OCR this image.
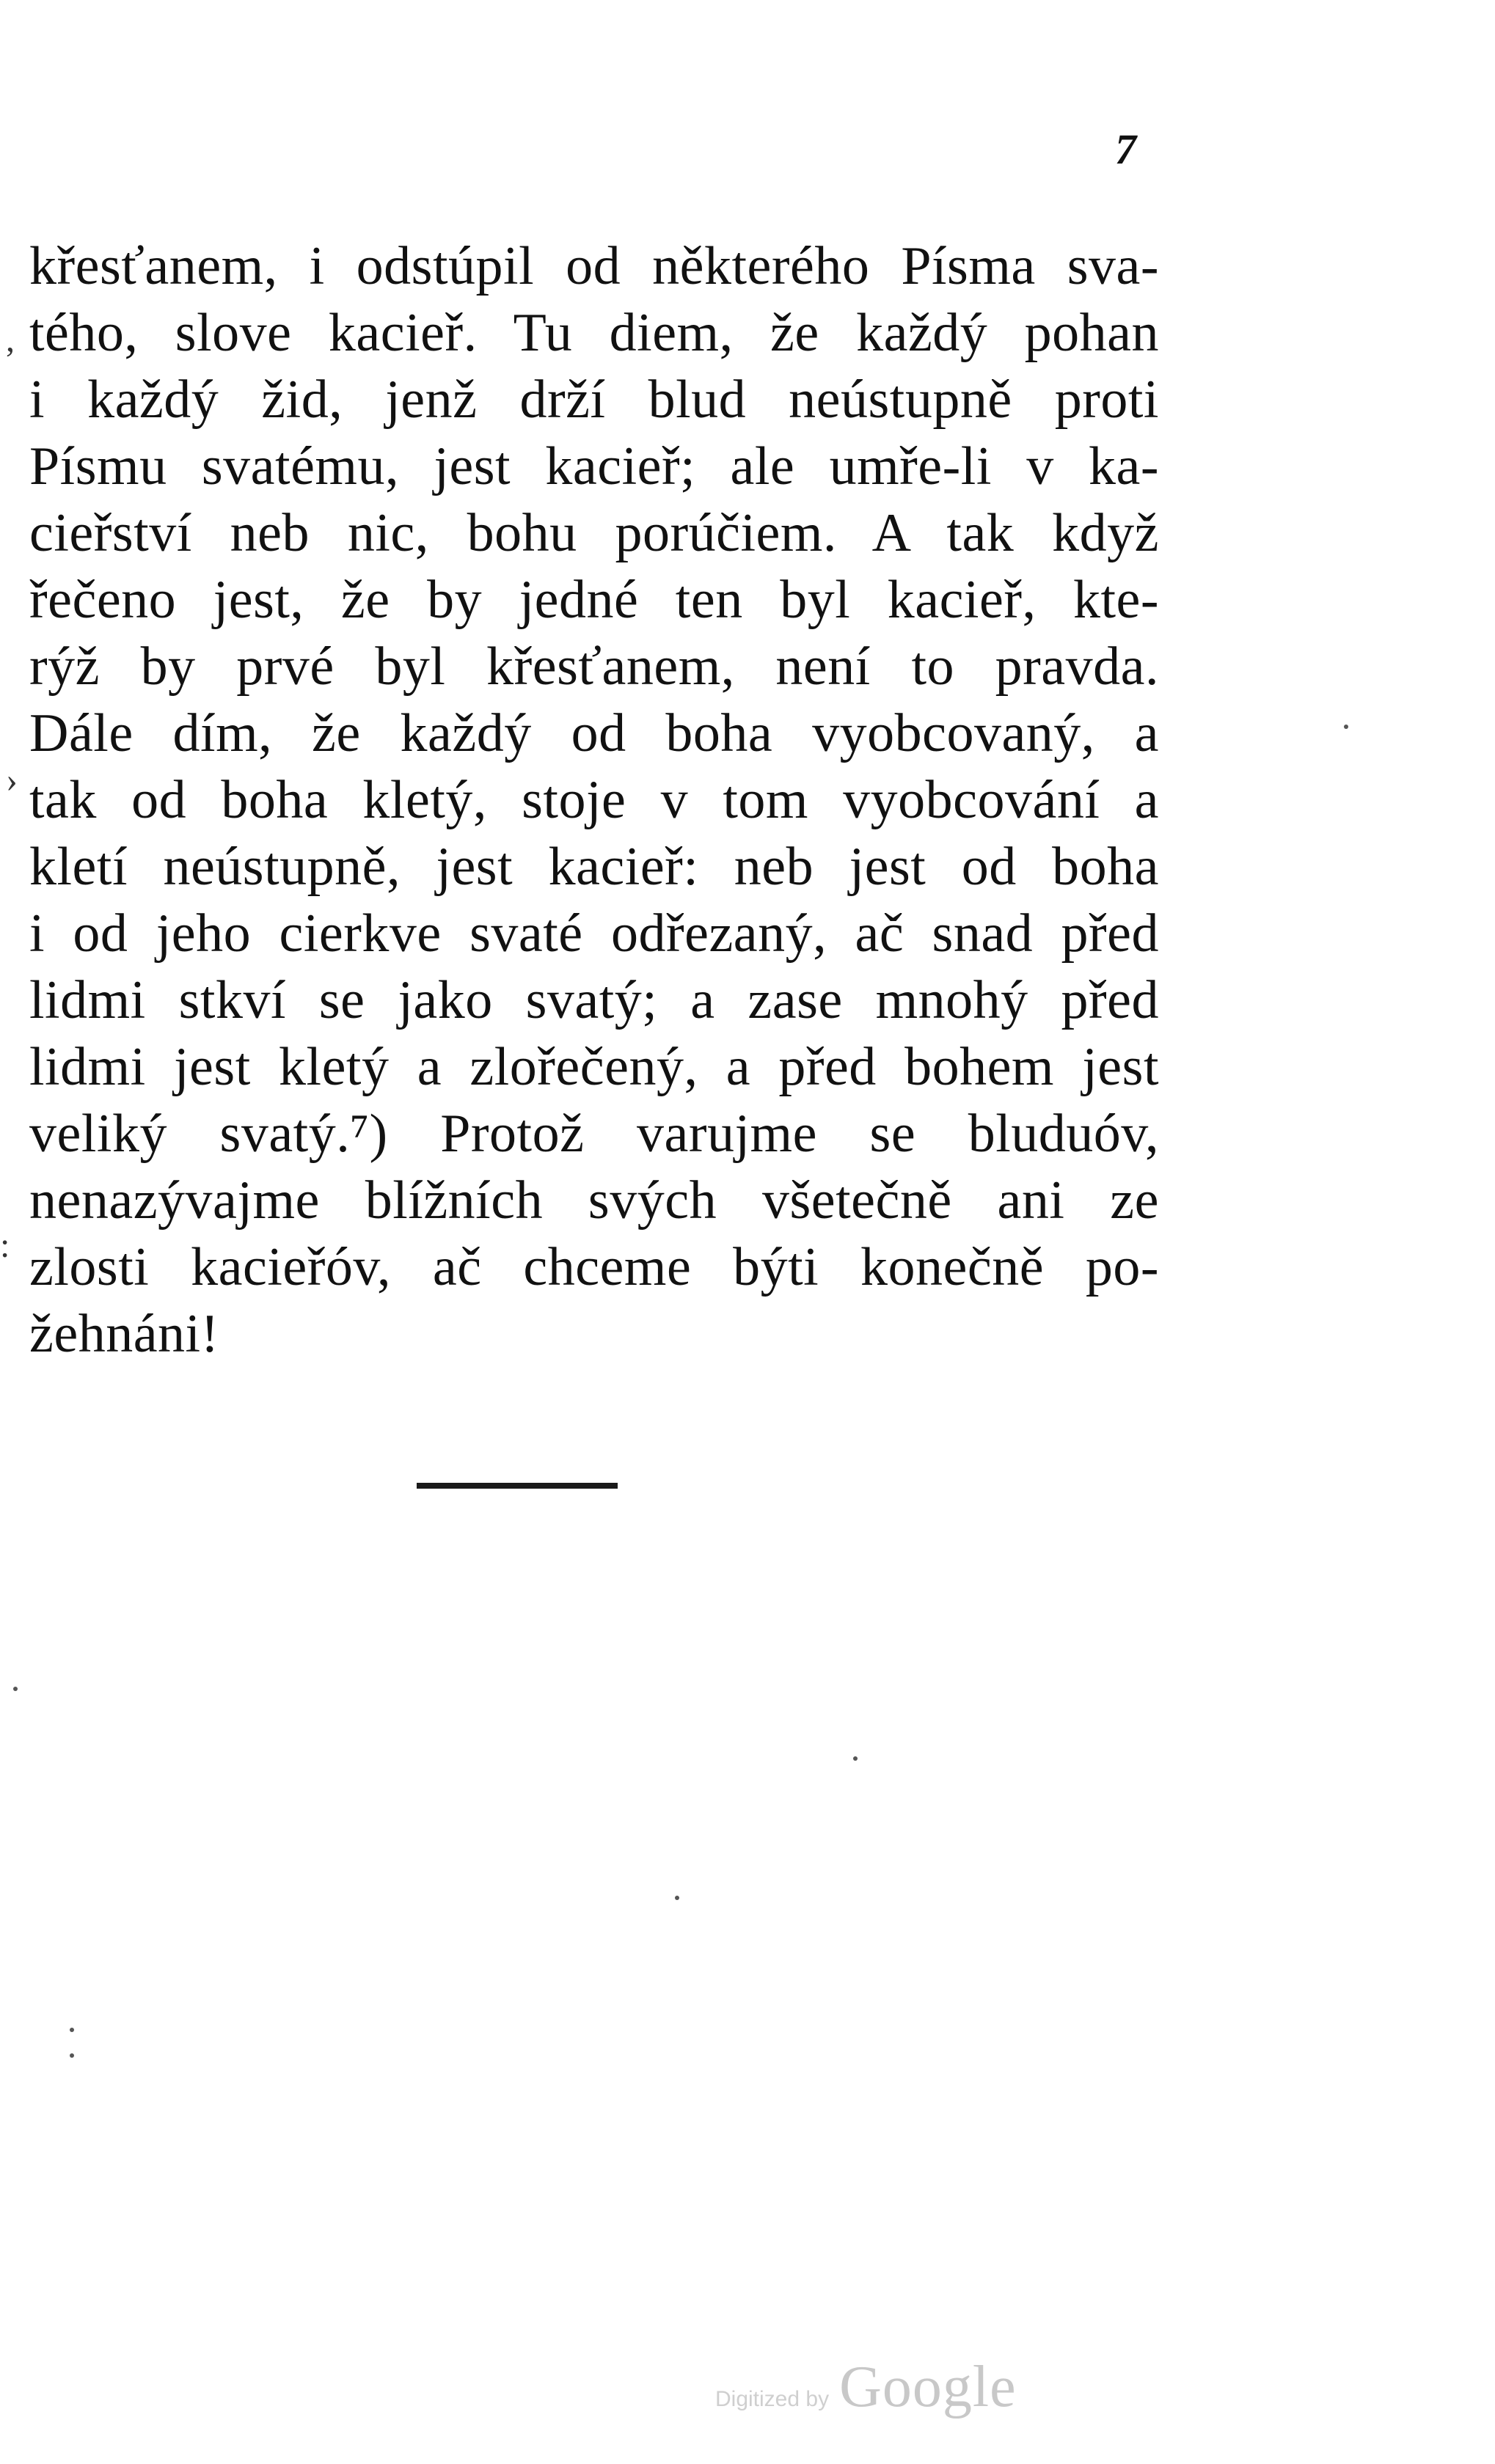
7
křesťanem, i odstúpil od některého Písma sva-
tého, slove kacieř. Tu diem, že každý pohan
i každý žid, jenž drží blud neústupně proti
Písmu svatému, jest kacieř; ale umře-li v ka-
cieřství neb nic, bohu porúčiem. A tak když
řečeno jest, že by jedné ten byl kacieř, kte-
rýž by prvé byl křesťanem, není to pravda.
Dále dím, že každý od boha vyobcovaný, a
tak od boha kletý, stoje v tom vyobcování a
kletí neústupně, jest kacieř: neb jest od boha
i od jeho cierkve svaté odřezaný, ač snad před
lidmi stkví se jako svatý; a zase mnohý před
lidmi jest kletý a zlořečený, a před bohem jest
veliký svatý.⁷) Protož varujme se bluduóv,
nenazývajme blížních svých všetečně ani ze
zlosti kacieřóv, ač chceme býti konečně po-
žehnáni!
,
›
:
Digitized by Google
